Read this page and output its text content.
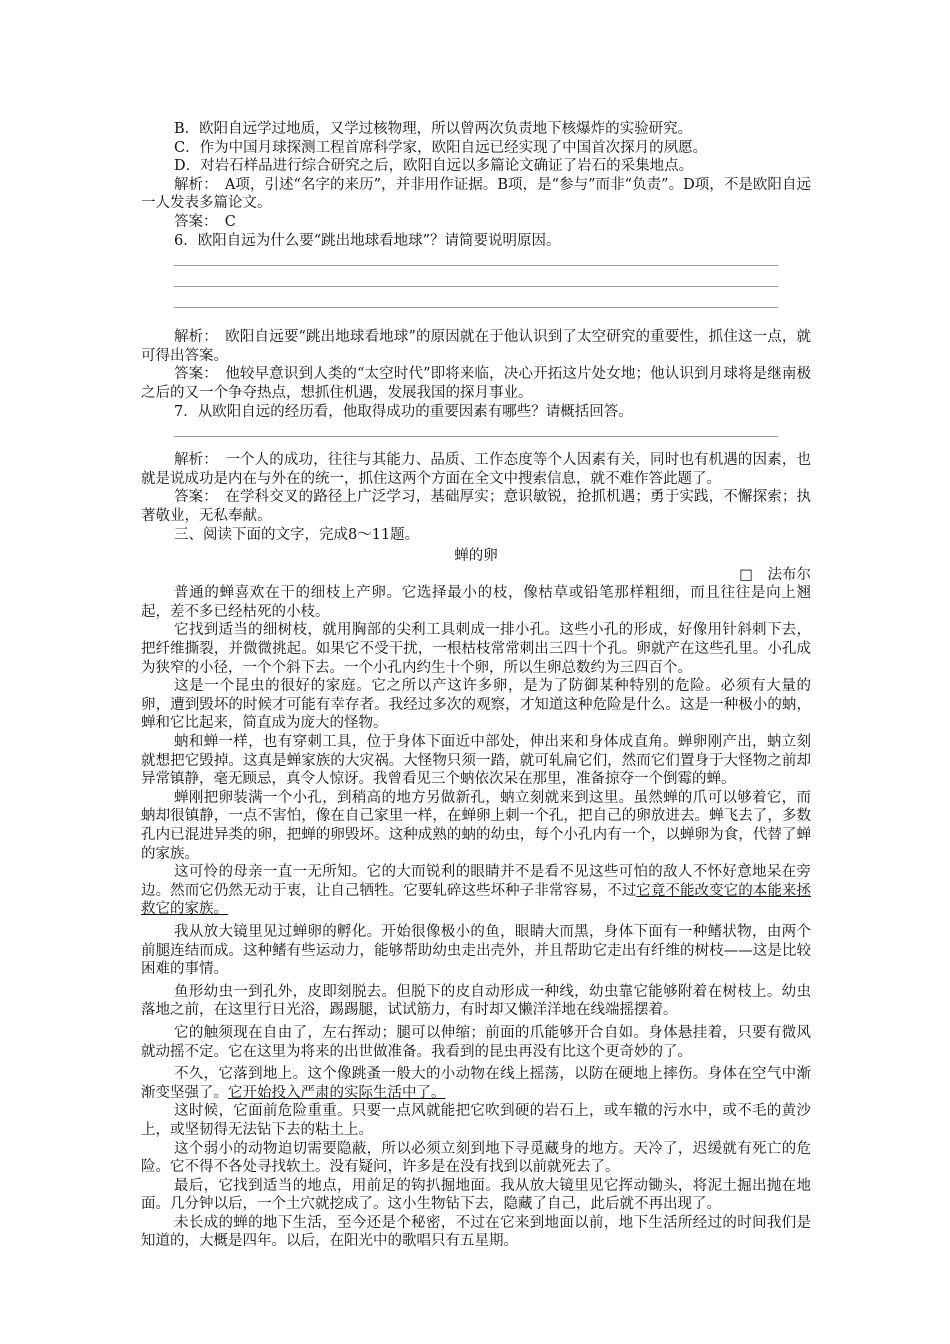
B．欧阳自远学过地质，又学过核物理，所以曾两次负责地下核爆炸的实验研究。

C．作为中国月球探测工程首席科学家，欧阳自远已经实现了中国首次探月的夙愿。

D．对岩石样品进行综合研究之后，欧阳自远以多篇论文确证了岩石的采集地点。

解析：　A项，引述“名字的来历”，并非用作证据。B项，是“参与”而非“负责”。D项，不是欧阳自远一人发表多篇论文。

答案：　C

6．欧阳自远为什么要“跳出地球看地球”？请简要说明原因。

解析：　欧阳自远要“跳出地球看地球”的原因就在于他认识到了太空研究的重要性，抓住这一点，就可得出答案。

答案：　他较早意识到人类的“太空时代”即将来临，决心开拓这片处女地；他认识到月球将是继南极之后的又一个争夺热点，想抓住机遇，发展我国的探月事业。

7．从欧阳自远的经历看，他取得成功的重要因素有哪些？请概括回答。

解析：　一个人的成功，往往与其能力、品质、工作态度等个人因素有关，同时也有机遇的因素，也就是说成功是内在与外在的统一，抓住这两个方面在全文中搜索信息，就不难作答此题了。

答案：　在学科交叉的路径上广泛学习，基础厚实；意识敏锐，抢抓机遇；勇于实践，不懈探索；执著敬业，无私奉献。

三、阅读下面的文字，完成8～11题。

蝉的卵

□　法布尔

普通的蝉喜欢在干的细枝上产卵。它选择最小的枝，像枯草或铅笔那样粗细，而且往往是向上翘起，差不多已经枯死的小枝。

它找到适当的细树枝，就用胸部的尖利工具刺成一排小孔。这些小孔的形成，好像用针斜刺下去，把纤维撕裂，并微微挑起。如果它不受干扰，一根枯枝常常刺出三四十个孔。卵就产在这些孔里。小孔成为狭窄的小径，一个个斜下去。一个小孔内约生十个卵，所以生卵总数约为三四百个。

这是一个昆虫的很好的家庭。它之所以产这许多卵，是为了防御某种特别的危险。必须有大量的卵，遭到毁坏的时候才可能有幸存者。我经过多次的观察，才知道这种危险是什么。这是一种极小的蚋，蝉和它比起来，简直成为庞大的怪物。

蚋和蝉一样，也有穿刺工具，位于身体下面近中部处，伸出来和身体成直角。蝉卵刚产出，蚋立刻就想把它毁掉。这真是蝉家族的大灾祸。大怪物只须一踏，就可轧扁它们，然而它们置身于大怪物之前却异常镇静，毫无顾忌，真令人惊讶。我曾看见三个蚋依次呆在那里，准备掠夺一个倒霉的蝉。

蝉刚把卵装满一个小孔，到稍高的地方另做新孔，蚋立刻就来到这里。虽然蝉的爪可以够着它，而蚋却很镇静，一点不害怕，像在自己家里一样，在蝉卵上刺一个孔，把自己的卵放进去。蝉飞去了，多数孔内已混进异类的卵，把蝉的卵毁坏。这种成熟的蚋的幼虫，每个小孔内有一个，以蝉卵为食，代替了蝉的家族。

这可怜的母亲一直一无所知。它的大而锐利的眼睛并不是看不见这些可怕的敌人不怀好意地呆在旁边。然而它仍然无动于衷，让自己牺牲。它要轧碎这些坏种子非常容易，不过它竟不能改变它的本能来拯救它的家族。

我从放大镜里见过蝉卵的孵化。开始很像极小的鱼，眼睛大而黑，身体下面有一种鳍状物，由两个前腿连结而成。这种鳍有些运动力，能够帮助幼虫走出壳外，并且帮助它走出有纤维的树枝——这是比较困难的事情。

鱼形幼虫一到孔外，皮即刻脱去。但脱下的皮自动形成一种线，幼虫靠它能够附着在树枝上。幼虫落地之前，在这里行日光浴，踢踢腿，试试筋力，有时却又懒洋洋地在线端摇摆着。

它的触须现在自由了，左右挥动；腿可以伸缩；前面的爪能够开合自如。身体悬挂着，只要有微风就动摇不定。它在这里为将来的出世做准备。我看到的昆虫再没有比这个更奇妙的了。

不久，它落到地上。这个像跳蚤一般大的小动物在线上摇荡，以防在硬地上摔伤。身体在空气中渐渐变坚强了。它开始投入严肃的实际生活中了。

这时候，它面前危险重重。只要一点风就能把它吹到硬的岩石上，或车辙的污水中，或不毛的黄沙上，或坚韧得无法钻下去的粘土上。

这个弱小的动物迫切需要隐蔽，所以必须立刻到地下寻觅藏身的地方。天冷了，迟缓就有死亡的危险。它不得不各处寻找软土。没有疑问，许多是在没有找到以前就死去了。

最后，它找到适当的地点，用前足的钩扒掘地面。我从放大镜里见它挥动锄头，将泥土掘出抛在地面。几分钟以后，一个土穴就挖成了。这小生物钻下去，隐藏了自己，此后就不再出现了。

未长成的蝉的地下生活，至今还是个秘密，不过在它来到地面以前，地下生活所经过的时间我们是知道的，大概是四年。以后，在阳光中的歌唱只有五星期。
